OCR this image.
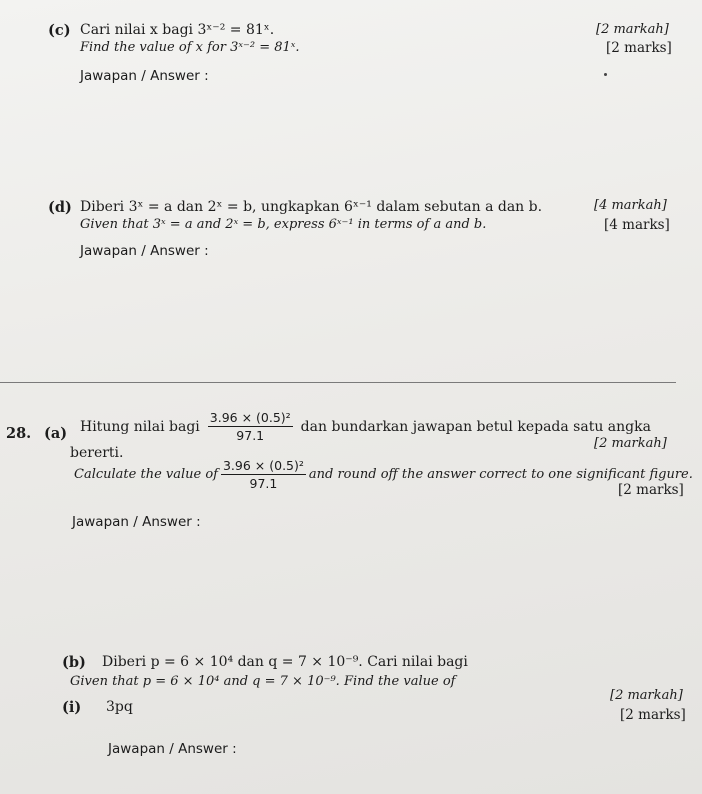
(c) Cari nilai x bagi 3ˣ⁻² = 81ˣ.
Find the value of x for 3ˣ⁻² = 81ˣ.
[2 markah]
[2 marks]
Jawapan / Answer :
(d) Diberi 3ˣ = a dan 2ˣ = b, ungkapkan 6ˣ⁻¹ dalam sebutan a dan b.
Given that 3ˣ = a and 2ˣ = b, express 6ˣ⁻¹ in terms of a and b.
[4 markah]
[4 marks]
Jawapan / Answer :
28. (a) Hitung nilai bagi $\frac{\text{3.96 × (0.5)²}}{97.1}$ dan bundarkan jawapan betul kepada satu angka
bererti.
[2 markah]
Calculate the value of $\frac{\text{3.96 × (0.5)²}}{97.1}$ and round off the answer correct to one significant figure.
[2 marks]
Jawapan / Answer :
(b) Diberi p = 6 × 10⁴ dan q = 7 × 10⁻⁹. Cari nilai bagi
Given that p = 6 × 10⁴ and q = 7 × 10⁻⁹. Find the value of
(i) 3pq
[2 markah]
[2 marks]
Jawapan / Answer :
